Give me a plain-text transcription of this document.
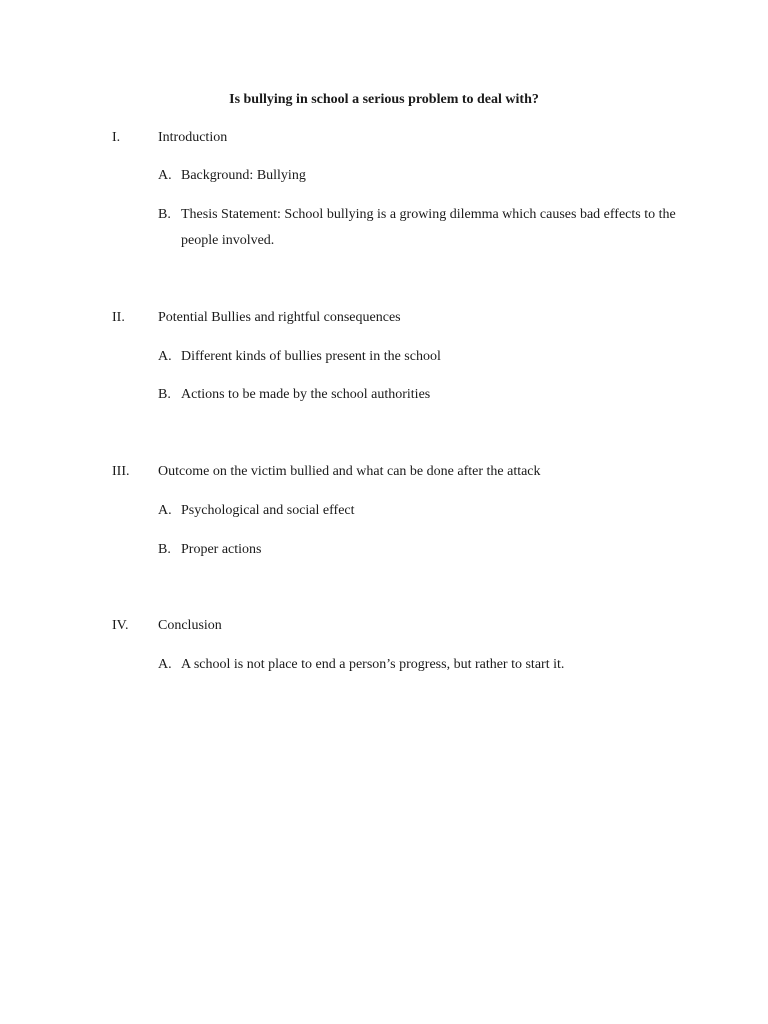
Is bullying in school a serious problem to deal with?
I.	Introduction
A. Background: Bullying
B. Thesis Statement: School bullying is a growing dilemma which causes bad effects to the people involved.
II. Potential Bullies and rightful consequences
A. Different kinds of bullies present in the school
B. Actions to be made by the school authorities
III. Outcome on the victim bullied and what can be done after the attack
A. Psychological and social effect
B. Proper actions
IV. Conclusion
A. A school is not place to end a person’s progress, but rather to start it.
